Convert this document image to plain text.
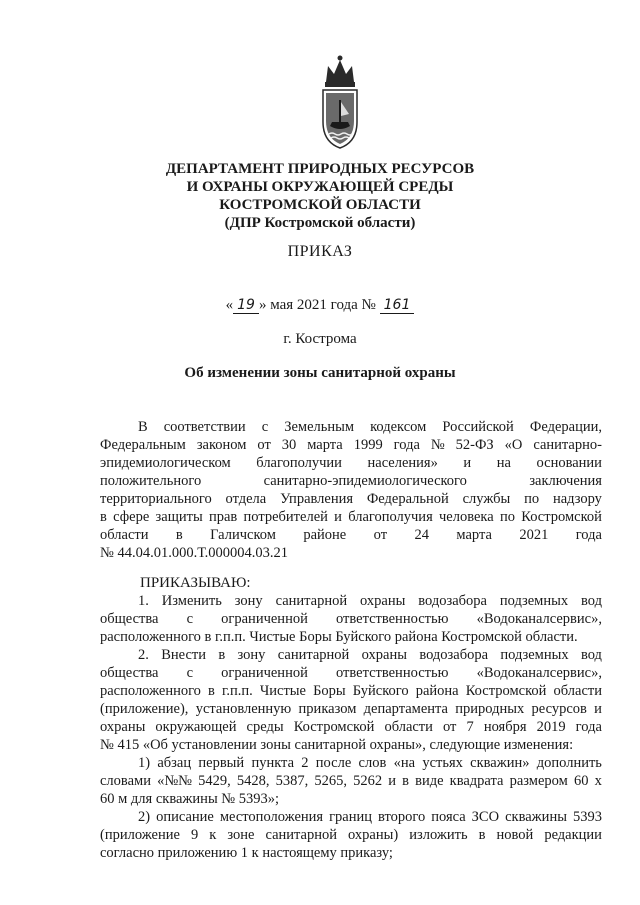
ДЕПАРТАМЕНТ ПРИРОДНЫХ РЕСУРСОВ
И ОХРАНЫ ОКРУЖАЮЩЕЙ СРЕДЫ
КОСТРОМСКОЙ ОБЛАСТИ
(ДПР Костромской области)
ПРИКАЗ
« 19 » мая 2021 года № 161
г. Кострома
Об изменении зоны санитарной охраны
В соответствии с Земельным кодексом Российской Федерации,
Федеральным законом от 30 марта 1999 года № 52-ФЗ «О санитарно-
эпидемиологическом благополучии населения» и на основании
положительного	санитарно-эпидемиологического	заключения
территориального отдела Управления Федеральной службы по надзору
в сфере защиты прав потребителей и благополучия человека по Костромской
области в Галичском районе от 24 марта 2021 года
№ 44.04.01.000.Т.000004.03.21
ПРИКАЗЫВАЮ:
1. Изменить зону санитарной охраны водозабора подземных вод
общества с ограниченной ответственностью «Водоканалсервис»,
расположенного в г.п.п. Чистые Боры Буйского района Костромской области.
2. Внести в зону санитарной охраны водозабора подземных вод
общества с ограниченной ответственностью «Водоканалсервис»,
расположенного в г.п.п. Чистые Боры Буйского района Костромской области
(приложение), установленную приказом департамента природных ресурсов и
охраны окружающей среды Костромской области от 7 ноября 2019 года
№ 415 «Об установлении зоны санитарной охраны», следующие изменения:
1) абзац первый пункта 2 после слов «на устьях скважин» дополнить
словами «№№ 5429, 5428, 5387, 5265, 5262 и в виде квадрата размером 60 х
60 м для скважины № 5393»;
2) описание местоположения границ второго пояса ЗСО скважины 5393
(приложение 9 к зоне санитарной охраны) изложить в новой редакции
согласно приложению 1 к настоящему приказу;
